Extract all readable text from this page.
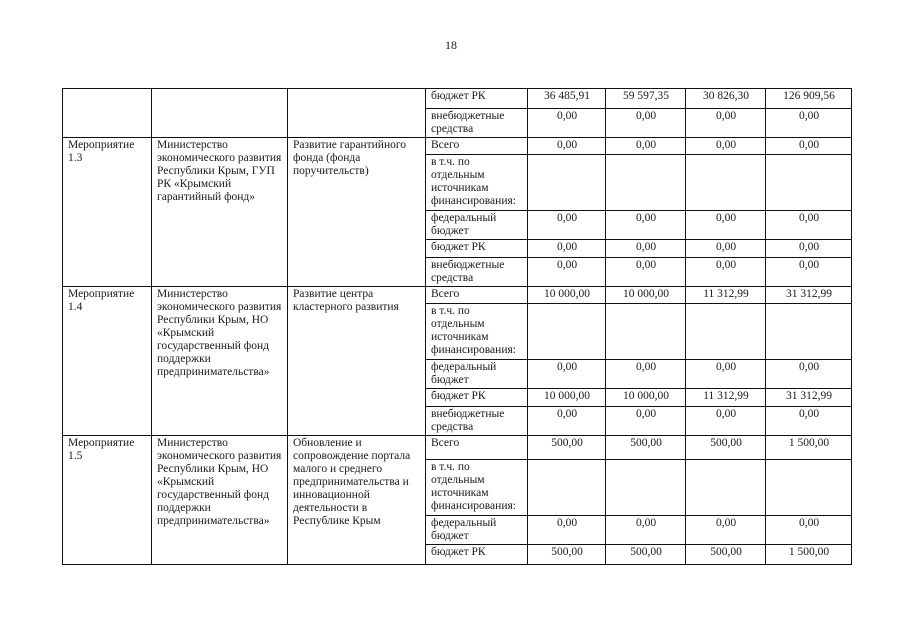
18
			бюджет РК	36 485,91	59 597,35	30 826,30	126 909,56
			внебюджетные средства	0,00	0,00	0,00	0,00
Мероприятие 1.3	Министерство экономического развития Республики Крым, ГУП РК «Крымский гарантийный фонд»	Развитие гарантийного фонда (фонда поручительств)	Всего	0,00	0,00	0,00	0,00
			в т.ч. по отдельным источникам финансирования:				
			федеральный бюджет	0,00	0,00	0,00	0,00
			бюджет РК	0,00	0,00	0,00	0,00
			внебюджетные средства	0,00	0,00	0,00	0,00
Мероприятие 1.4	Министерство экономического развития Республики Крым, НО «Крымский государственный фонд поддержки предпринимательства»	Развитие центра кластерного развития	Всего	10 000,00	10 000,00	11 312,99	31 312,99
			в т.ч. по отдельным источникам финансирования:				
			федеральный бюджет	0,00	0,00	0,00	0,00
			бюджет РК	10 000,00	10 000,00	11 312,99	31 312,99
			внебюджетные средства	0,00	0,00	0,00	0,00
Мероприятие 1.5	Министерство экономического развития Республики Крым, НО «Крымский государственный фонд поддержки предпринимательства»	Обновление и сопровождение портала малого и среднего предпринимательства и инновационной деятельности в Республике Крым	Всего	500,00	500,00	500,00	1 500,00
			в т.ч. по отдельным источникам финансирования:				
			федеральный бюджет	0,00	0,00	0,00	0,00
			бюджет РК	500,00	500,00	500,00	1 500,00
